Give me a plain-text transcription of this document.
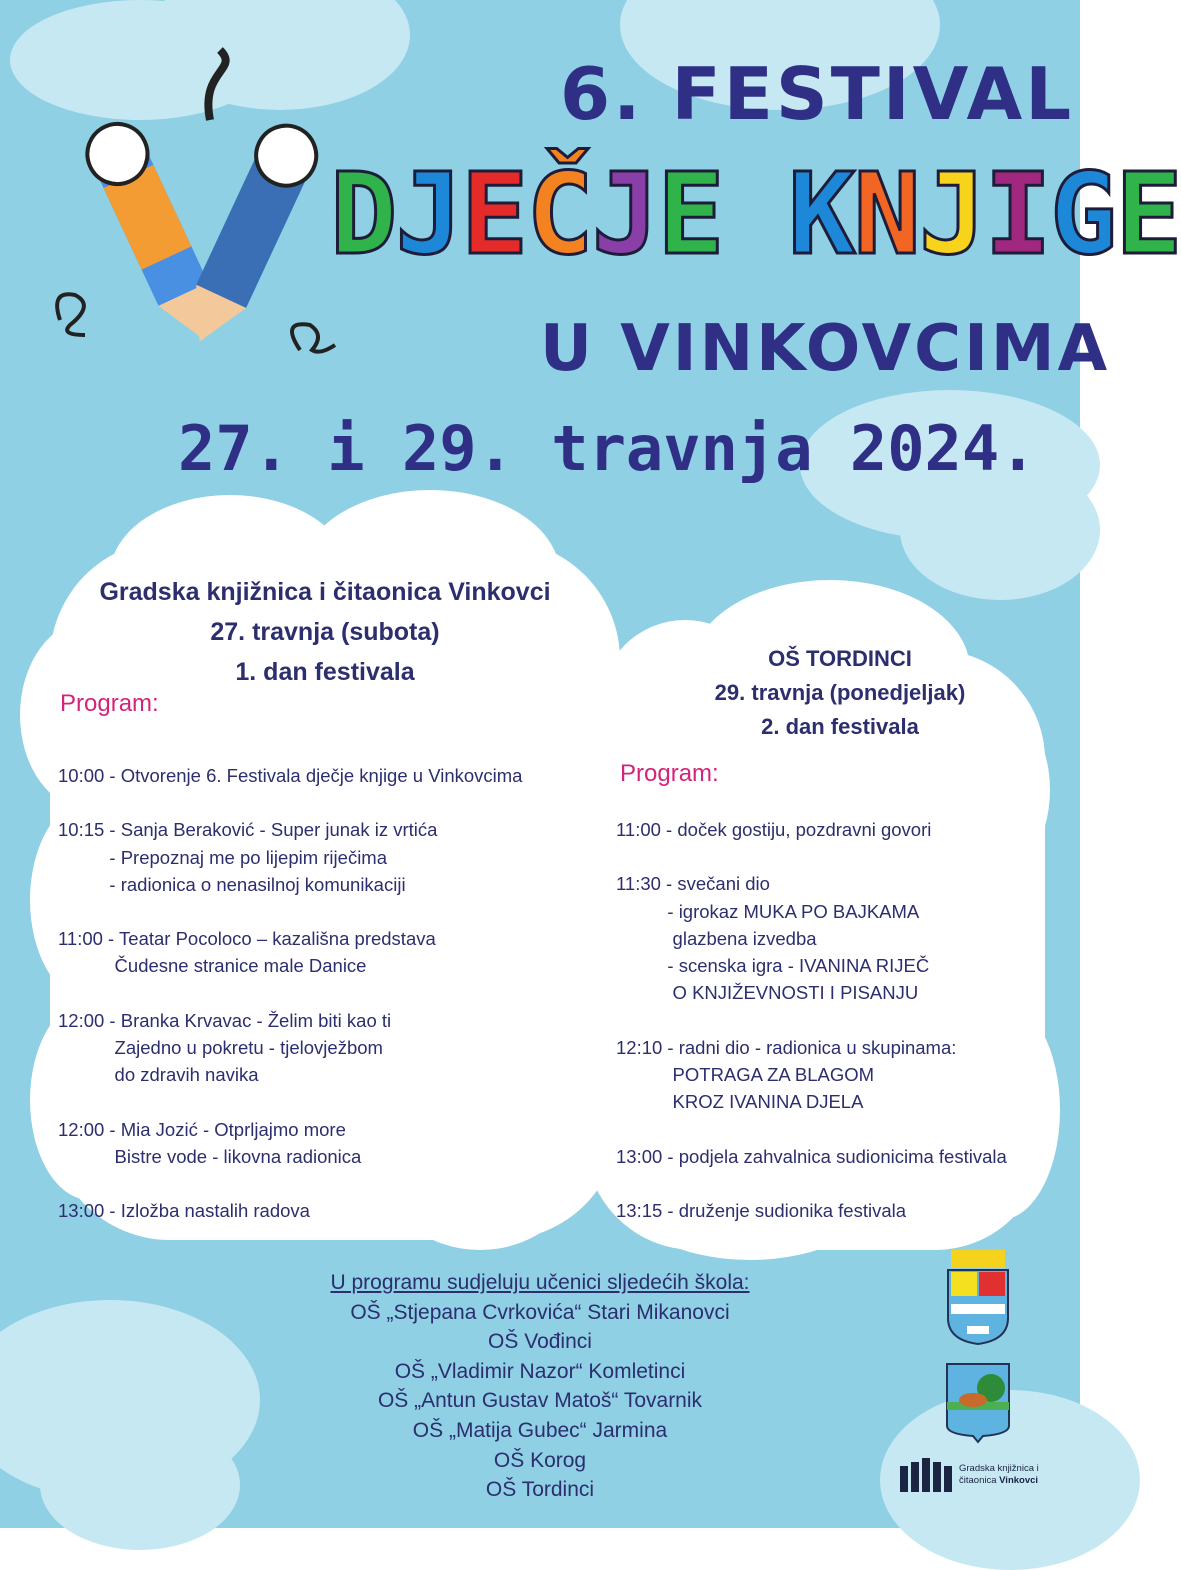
6. FESTIVAL
DJEČJE KNJIGE
U VINKOVCIMA
27. i 29. travnja 2024.
Gradska knjižnica i čitaonica Vinkovci
27. travnja (subota)
1. dan festivala
Program:
10:00 - Otvorenje 6. Festivala dječje knjige u Vinkovcima
10:15 - Sanja Beraković - Super junak iz vrtića
- Prepoznaj me po lijepim riječima
- radionica o nenasilnoj komunikaciji
11:00 - Teatar Pocoloco – kazališna predstava
Čudesne stranice male Danice
12:00 - Branka Krvavac - Želim biti kao ti
Zajedno u pokretu - tjelovježbom
do zdravih navika
12:00 - Mia Jozić - Otprljajmo more
Bistre vode - likovna radionica
13:00 - Izložba nastalih radova
OŠ TORDINCI
29. travnja (ponedjeljak)
2. dan festivala
Program:
11:00 - doček gostiju, pozdravni govori
11:30 - svečani dio
- igrokaz MUKA PO BAJKAMA
glazbena izvedba
- scenska igra - IVANINA RIJEČ
O KNJIŽEVNOSTI I PISANJU
12:10 - radni dio - radionica u skupinama:
POTRAGA ZA BLAGOM
KROZ IVANINA DJELA
13:00 - podjela zahvalnica sudionicima festivala
13:15 - druženje sudionika festivala
U programu sudjeluju učenici sljedećih škola:
OŠ „Stjepana Cvrkovića“ Stari Mikanovci
OŠ Vođinci
OŠ „Vladimir Nazor“ Komletinci
OŠ „Antun Gustav Matoš“ Tovarnik
OŠ „Matija Gubec“ Jarmina
OŠ Korog
OŠ Tordinci
Gradska knjižnica i
čitaonica Vinkovci
